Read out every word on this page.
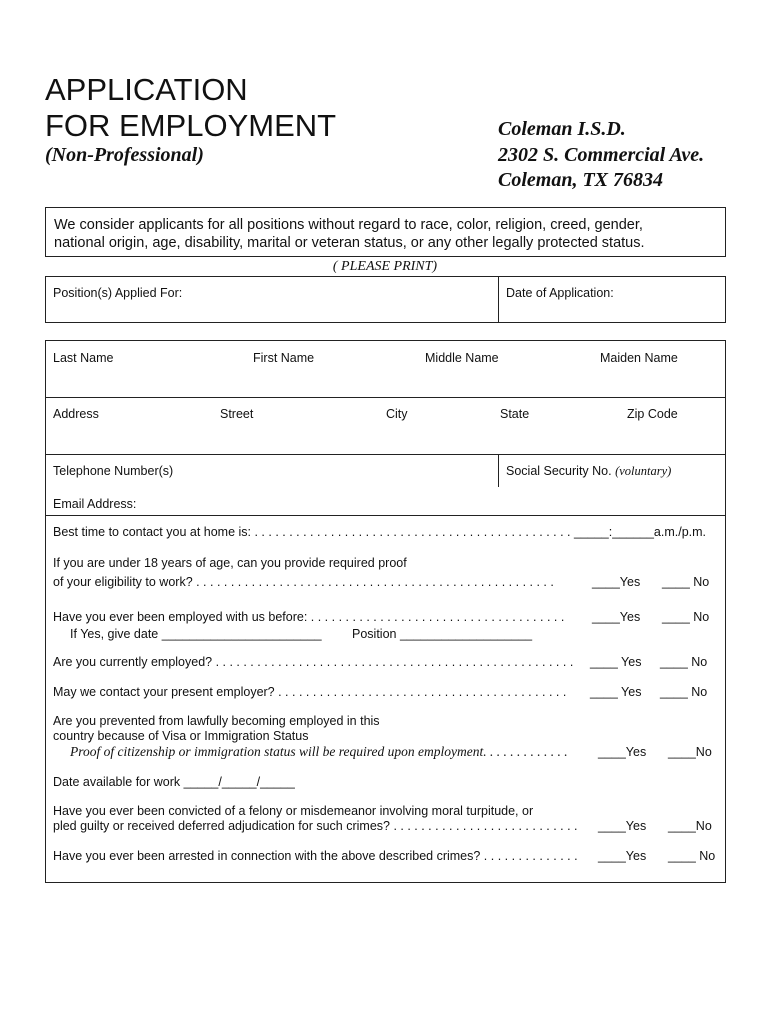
APPLICATION
FOR EMPLOYMENT
(Non-Professional)
Coleman I.S.D.
2302 S. Commercial Ave.
Coleman, TX 76834
We consider applicants for all positions without regard to race, color, religion, creed, gender,
national origin, age, disability, marital or veteran status, or any other legally protected status.
( PLEASE PRINT)
Position(s) Applied For:	Date of Application:
Last Name	First Name	Middle Name	Maiden Name
Address	Street	City	State	Zip Code
Telephone Number(s)	Social Security No. (voluntary)
Email Address:
Best time to contact you at home is: . . . . . . . . . . . . . . . . . . . . . . . . . . . . . . . . . . . . . . . . . . . . . . _____:______a.m./p.m.
If you are under 18 years of age, can you provide required proof
of your eligibility to work? . . . . . . . . . . . . . . . . . . . . . . . . . . . . . . . . . . . . . . . . . . . . . . . . . . . .	____Yes ____ No
Have you ever been employed with us before: . . . . . . . . . . . . . . . . . . . . . . . . . . . . . . . . . . . . . ____Yes ____ No
If Yes, give date _______________________ Position ___________________
Are you currently employed? . . . . . . . . . . . . . . . . . . . . . . . . . . . . . . . . . . . . . . . . . . . . . . . . . . . . ____ Yes ____ No
May we contact your present employer? . . . . . . . . . . . . . . . . . . . . . . . . . . . . . . . . . . . . . . . . . . ____ Yes ____ No
Are you prevented from lawfully becoming employed in this
country because of Visa or Immigration Status
Proof of citizenship or immigration status will be required upon employment. . . . . . . . . . . . . ____Yes ____No
Date available for work _____/_____/_____
Have you ever been convicted of a felony or misdemeanor involving moral turpitude, or
pled guilty or received deferred adjudication for such crimes? . . . . . . . . . . . . . . . . . . . . . . . . . . . ____Yes ____No
Have you ever been arrested in connection with the above described crimes? . . . . . . . . . . . . . . ____Yes ____ No
